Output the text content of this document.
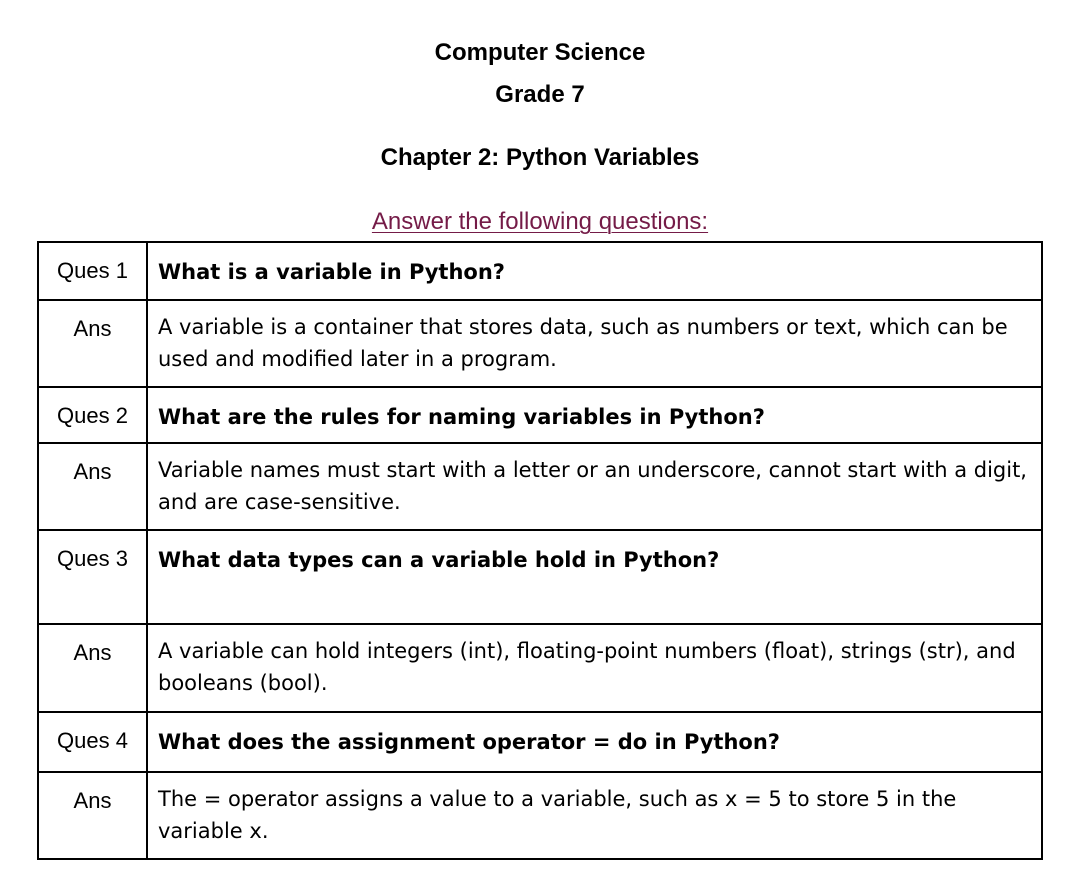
Computer Science

Grade 7

Chapter 2: Python Variables

Answer the following questions:
Ques 1	What is a variable in Python?
Ans	A variable is a container that stores data, such as numbers or text, which can be used and modified later in a program.
Ques 2	What are the rules for naming variables in Python?
Ans	Variable names must start with a letter or an underscore, cannot start with a digit, and are case-sensitive.
Ques 3	What data types can a variable hold in Python?
Ans	A variable can hold integers (int), floating-point numbers (float), strings (str), and booleans (bool).
Ques 4	What does the assignment operator = do in Python?
Ans	The = operator assigns a value to a variable, such as x = 5 to store 5 in the variable x.
